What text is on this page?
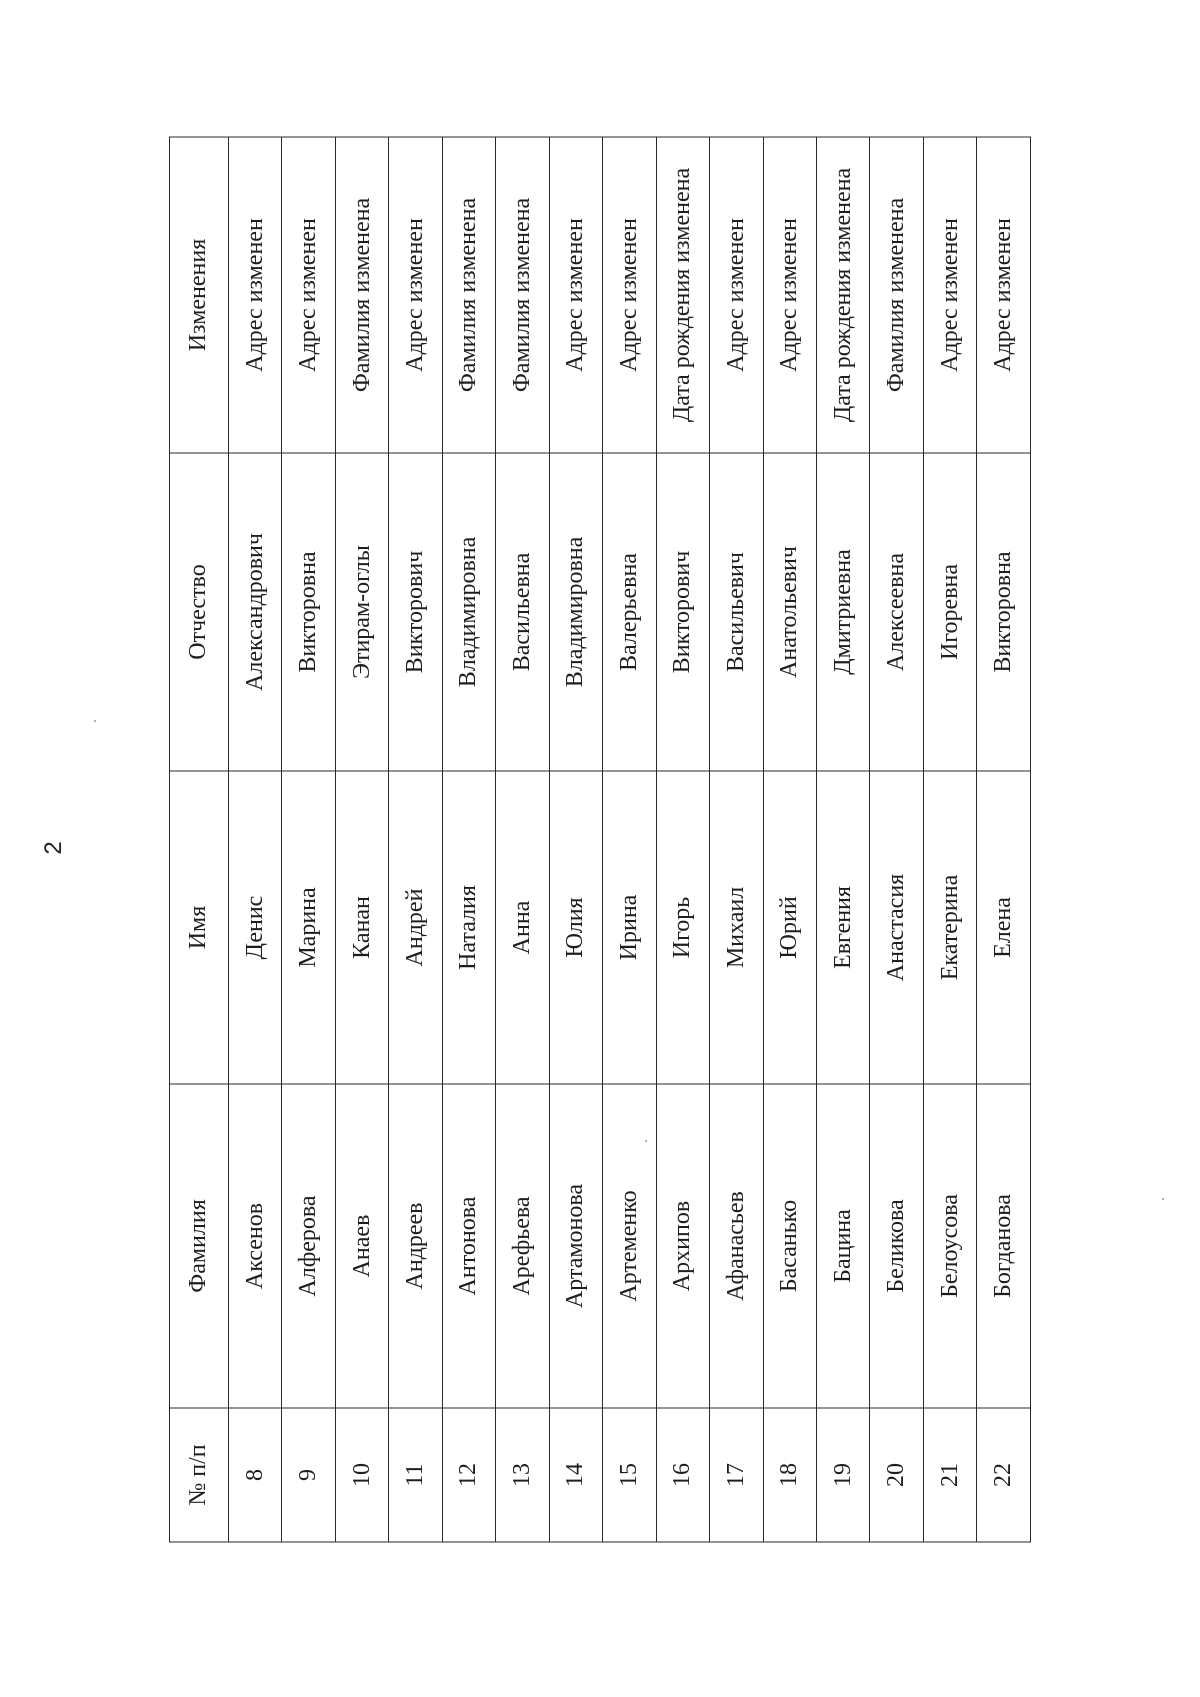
2
№ п/п	Фамилия	Имя	Отчество	Изменения
8	Аксенов	Денис	Александрович	Адрес изменен
9	Алферова	Марина	Викторовна	Адрес изменен
10	Анаев	Канан	Этирам-оглы	Фамилия изменена
11	Андреев	Андрей	Викторович	Адрес изменен
12	Антонова	Наталия	Владимировна	Фамилия изменена
13	Арефьева	Анна	Васильевна	Фамилия изменена
14	Артамонова	Юлия	Владимировна	Адрес изменен
15	Артеменко	Ирина	Валерьевна	Адрес изменен
16	Архипов	Игорь	Викторович	Дата рождения изменена
17	Афанасьев	Михаил	Васильевич	Адрес изменен
18	Басанько	Юрий	Анатольевич	Адрес изменен
19	Бацина	Евгения	Дмитриевна	Дата рождения изменена
20	Беликова	Анастасия	Алексеевна	Фамилия изменена
21	Белоусова	Екатерина	Игоревна	Адрес изменен
22	Богданова	Елена	Викторовна	Адрес изменен
